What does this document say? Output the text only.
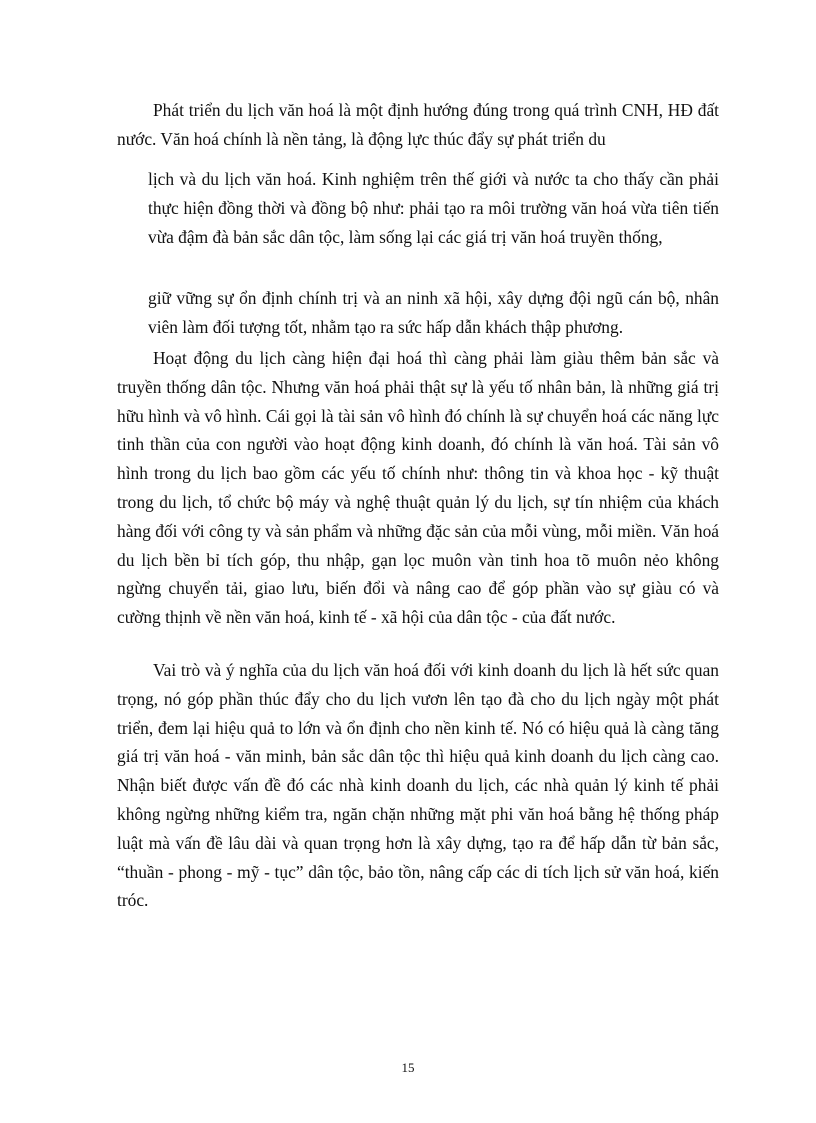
Phát triển du lịch văn hoá là một định hướng đúng trong quá trình CNH, HĐ đất nước. Văn hoá chính là nền tảng, là động lực thúc đẩy sự phát triển du

lịch và du lịch văn hoá. Kinh nghiệm trên thế giới và nước ta cho thấy cần phải thực hiện đồng thời và đồng bộ như: phải tạo ra môi trường văn hoá vừa tiên tiến vừa đậm đà bản sắc dân tộc, làm sống lại các giá trị văn hoá truyền thống,

giữ vững sự ổn định chính trị và an ninh xã hội, xây dựng đội ngũ cán bộ, nhân viên làm đối tượng tốt, nhằm tạo ra sức hấp dẫn khách thập phương.

Hoạt động du lịch càng hiện đại hoá thì càng phải làm giàu thêm bản sắc và truyền thống dân tộc. Nhưng văn hoá phải thật sự là yếu tố nhân bản, là những giá trị hữu hình và vô hình. Cái gọi là tài sản vô hình đó chính là sự chuyển hoá các năng lực tinh thần của con người vào hoạt động kinh doanh, đó chính là văn hoá. Tài sản vô hình trong du lịch bao gồm các yếu tố chính như: thông tin và khoa học - kỹ thuật trong du lịch, tổ chức bộ máy và nghệ thuật quản lý du lịch, sự tín nhiệm của khách hàng đối với công ty và sản phẩm và những đặc sản của mỗi vùng, mỗi miền. Văn hoá du lịch bền bỉ tích góp, thu nhập, gạn lọc muôn vàn tinh hoa tõ muôn nẻo không ngừng chuyển tải, giao lưu, biến đổi và nâng cao để góp phần vào sự giàu có và cường thịnh về nền văn hoá, kinh tế - xã hội của dân tộc - của đất nước.

Vai trò và ý nghĩa của du lịch văn hoá đối với kinh doanh du lịch là hết sức quan trọng, nó góp phần thúc đẩy cho du lịch vươn lên tạo đà cho du lịch ngày một phát triển, đem lại hiệu quả to lớn và ổn định cho nền kinh tế. Nó có hiệu quả là càng tăng giá trị văn hoá - văn minh, bản sắc dân tộc thì hiệu quả kinh doanh du lịch càng cao. Nhận biết được vấn đề đó các nhà kinh doanh du lịch, các nhà quản lý kinh tế phải không ngừng những kiểm tra, ngăn chặn những mặt phi văn hoá bằng hệ thống pháp luật mà vấn đề lâu dài và quan trọng hơn là xây dựng, tạo ra để hấp dẫn từ bản sắc, “thuần - phong - mỹ - tục” dân tộc, bảo tồn, nâng cấp các di tích lịch sử văn hoá, kiến tróc.

15
